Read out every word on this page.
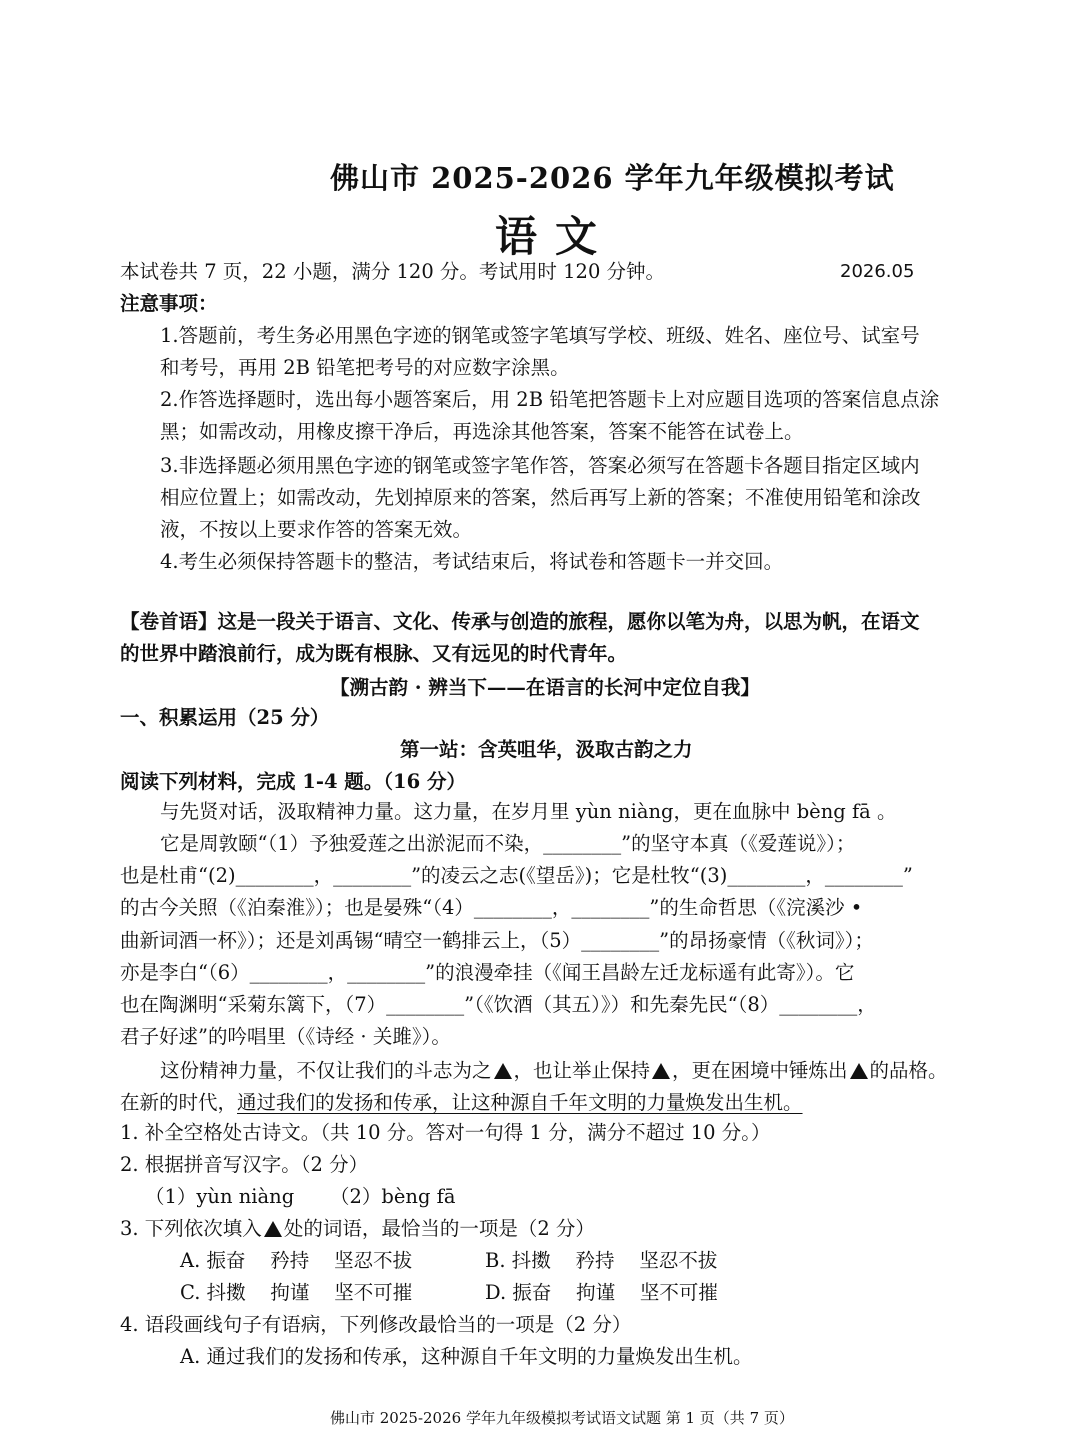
佛山市 2025-2026 学年九年级模拟考试
语文
本试卷共 7 页，22 小题，满分 120 分。考试用时 120 分钟。	2026.05
注意事项：
1.答题前，考生务必用黑色字迹的钢笔或签字笔填写学校、班级、姓名、座位号、试室号
和考号，再用 2B 铅笔把考号的对应数字涂黑。
2.作答选择题时，选出每小题答案后，用 2B 铅笔把答题卡上对应题目选项的答案信息点涂
黑；如需改动，用橡皮擦干净后，再选涂其他答案，答案不能答在试卷上。
3.非选择题必须用黑色字迹的钢笔或签字笔作答，答案必须写在答题卡各题目指定区域内
相应位置上；如需改动，先划掉原来的答案，然后再写上新的答案；不准使用铅笔和涂改
液，不按以上要求作答的答案无效。
4.考生必须保持答题卡的整洁，考试结束后，将试卷和答题卡一并交回。
【卷首语】这是一段关于语言、文化、传承与创造的旅程，愿你以笔为舟，以思为帆，在语文
的世界中踏浪前行，成为既有根脉、又有远见的时代青年。
【溯古韵 · 辨当下——在语言的长河中定位自我】
一、积累运用（25 分）
第一站：含英咀华，汲取古韵之力
阅读下列材料，完成 1-4 题。（16 分）
与先贤对话，汲取精神力量。这力量，在岁月里 yùn niàng，更在血脉中 bèng fā 。
它是周敦颐“（1）予独爱莲之出淤泥而不染，________”的坚守本真（《爱莲说》）；
也是杜甫“(2)________，________”的凌云之志(《望岳》)；它是杜牧“(3)________，________”
的古今关照（《泊秦淮》）；也是晏殊“（4）________，________”的生命哲思（《浣溪沙 •
曲新词酒一杯》）；还是刘禹锡“晴空一鹤排云上，（5）________”的昂扬豪情（《秋词》）；
亦是李白“（6）________，________”的浪漫牵挂（《闻王昌龄左迁龙标遥有此寄》）。它
也在陶渊明“采菊东篱下，（7）________”（《饮酒（其五）》）和先秦先民“（8）________，
君子好逑”的吟唱里（《诗经 · 关雎》）。
这份精神力量，不仅让我们的斗志为之 ，也让举止保持 ，更在困境中锤炼出 的品格。
在新的时代，通过我们的发扬和传承，让这种源自千年文明的力量焕发出生机。
1. 补全空格处古诗文。（共 10 分。答对一句得 1 分，满分不超过 10 分。）
2. 根据拼音写汉字。（2 分）
（1）yùn niàng （2）bèng fā
3. 下列依次填入 处的词语，最恰当的一项是（2 分）
A. 振奋    矜持    坚忍不拔	B. 抖擞    矜持    坚忍不拔
C. 抖擞    拘谨    坚不可摧	D. 振奋    拘谨    坚不可摧
4. 语段画线句子有语病，下列修改最恰当的一项是（2 分）
A. 通过我们的发扬和传承，这种源自千年文明的力量焕发出生机。
佛山市 2025-2026 学年九年级模拟考试语文试题 第 1 页（共 7 页）
